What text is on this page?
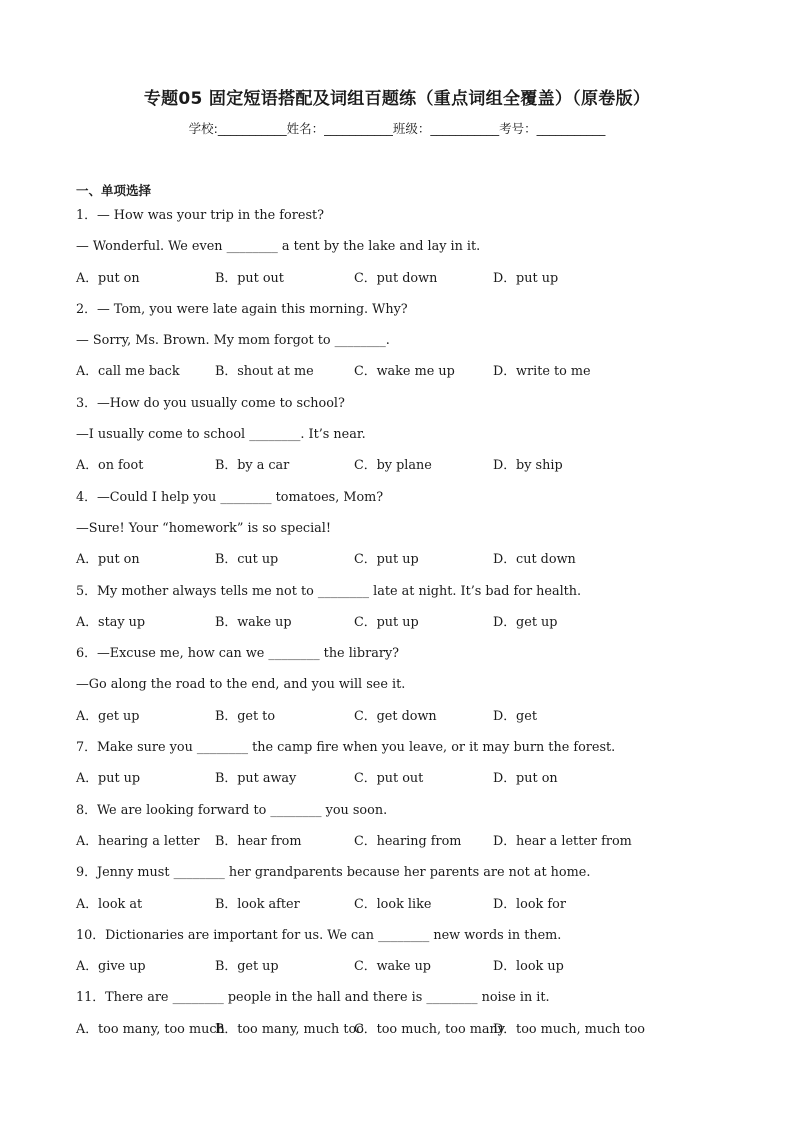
专题05 固定短语搭配及词组百题练（重点词组全覆盖）（原卷版）
学校:___________姓名：___________班级：___________考号：___________
一、单项选择
1．— How was your trip in the forest?
— Wonderful. We even ________ a tent by the lake and lay in it.
A．put on	B．put out	C．put down	D．put up
2．— Tom, you were late again this morning. Why?
— Sorry, Ms. Brown. My mom forgot to ________.
A．call me back	B．shout at me	C．wake me up	D．write to me
3．—How do you usually come to school?
—I usually come to school ________. It’s near.
A．on foot	B．by a car	C．by plane	D．by ship
4．—Could I help you ________ tomatoes, Mom?
—Sure! Your “homework” is so special!
A．put on	B．cut up	C．put up	D．cut down
5．My mother always tells me not to ________ late at night. It’s bad for health.
A．stay up	B．wake up	C．put up	D．get up
6．—Excuse me, how can we ________ the library?
—Go along the road to the end, and you will see it.
A．get up	B．get to	C．get down	D．get
7．Make sure you ________ the camp fire when you leave, or it may burn the forest.
A．put up	B．put away	C．put out	D．put on
8．We are looking forward to ________ you soon.
A．hearing a letter	B．hear from	C．hearing from	D．hear a letter from
9．Jenny must ________ her grandparents because her parents are not at home.
A．look at	B．look after	C．look like	D．look for
10．Dictionaries are important for us. We can ________ new words in them.
A．give up	B．get up	C．wake up	D．look up
11．There are ________ people in the hall and there is ________ noise in it.
A．too many, too much
B．too many, much too
C．too much, too many
D．too much, much too
